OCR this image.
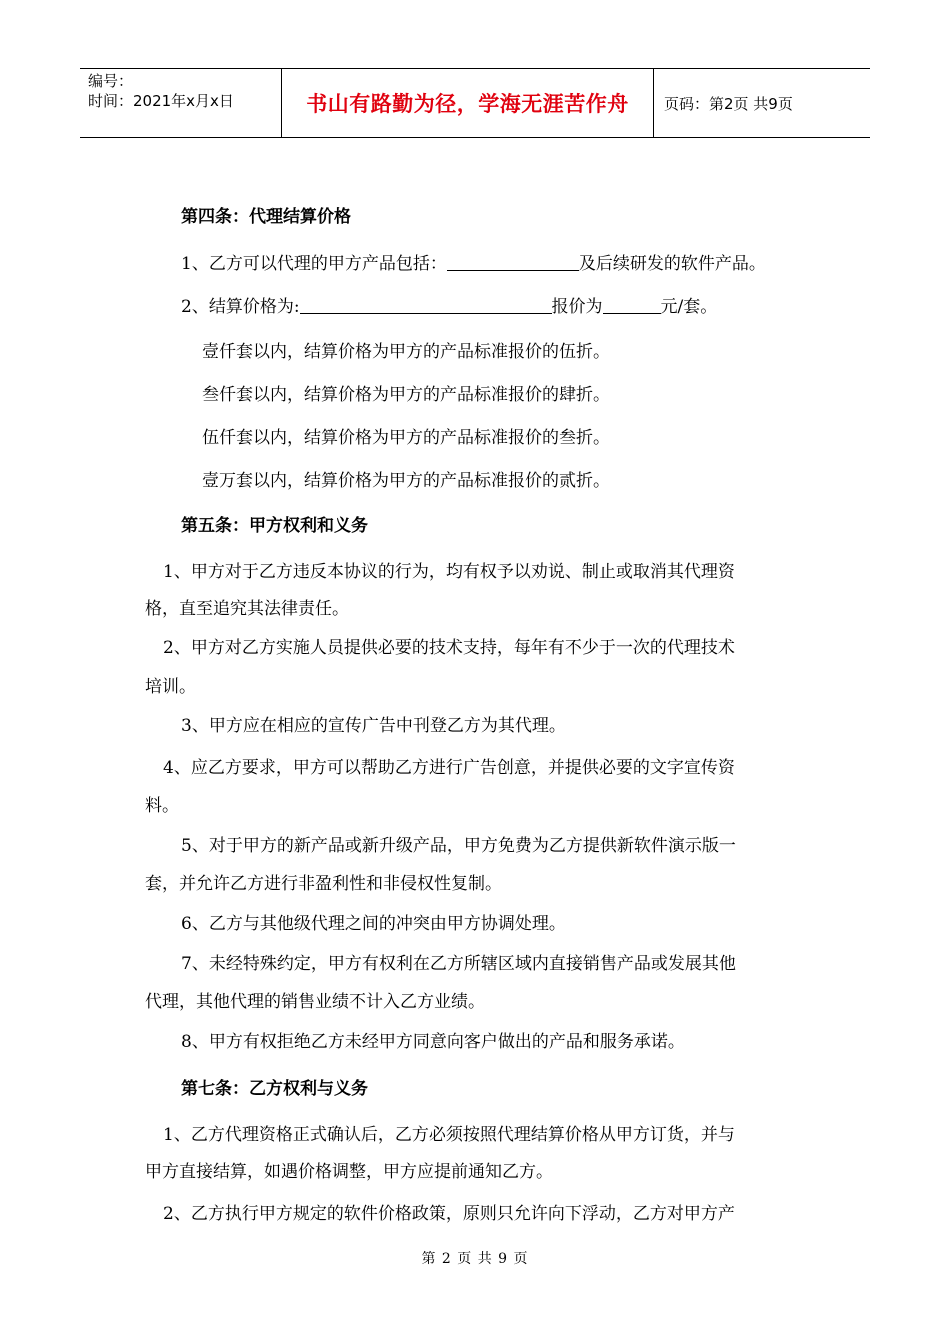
编号：
时间：2021年x月x日	书山有路勤为径，学海无涯苦作舟 页码：第2页 共9页
第四条：代理结算价格
1、乙方可以代理的甲方产品包括：	及后续研发的软件产品。
2、结算价格为:	报价为	元/套。
壹仟套以内，结算价格为甲方的产品标准报价的伍折。
叁仟套以内，结算价格为甲方的产品标准报价的肆折。
伍仟套以内，结算价格为甲方的产品标准报价的叁折。
壹万套以内，结算价格为甲方的产品标准报价的贰折。
第五条：甲方权利和义务
1、甲方对于乙方违反本协议的行为，均有权予以劝说、制止或取消其代理资
格，直至追究其法律责任。
2、甲方对乙方实施人员提供必要的技术支持，每年有不少于一次的代理技术
培训。
3、甲方应在相应的宣传广告中刊登乙方为其代理。
4、应乙方要求，甲方可以帮助乙方进行广告创意，并提供必要的文字宣传资
料。
5、对于甲方的新产品或新升级产品，甲方免费为乙方提供新软件演示版一
套，并允许乙方进行非盈利性和非侵权性复制。
6、乙方与其他级代理之间的冲突由甲方协调处理。
7、未经特殊约定，甲方有权利在乙方所辖区域内直接销售产品或发展其他
代理，其他代理的销售业绩不计入乙方业绩。
8、甲方有权拒绝乙方未经甲方同意向客户做出的产品和服务承诺。
第七条：乙方权利与义务
1、乙方代理资格正式确认后，乙方必须按照代理结算价格从甲方订货，并与
甲方直接结算，如遇价格调整，甲方应提前通知乙方。
2、乙方执行甲方规定的软件价格政策，原则只允许向下浮动，乙方对甲方产
第 2 页 共 9 页
